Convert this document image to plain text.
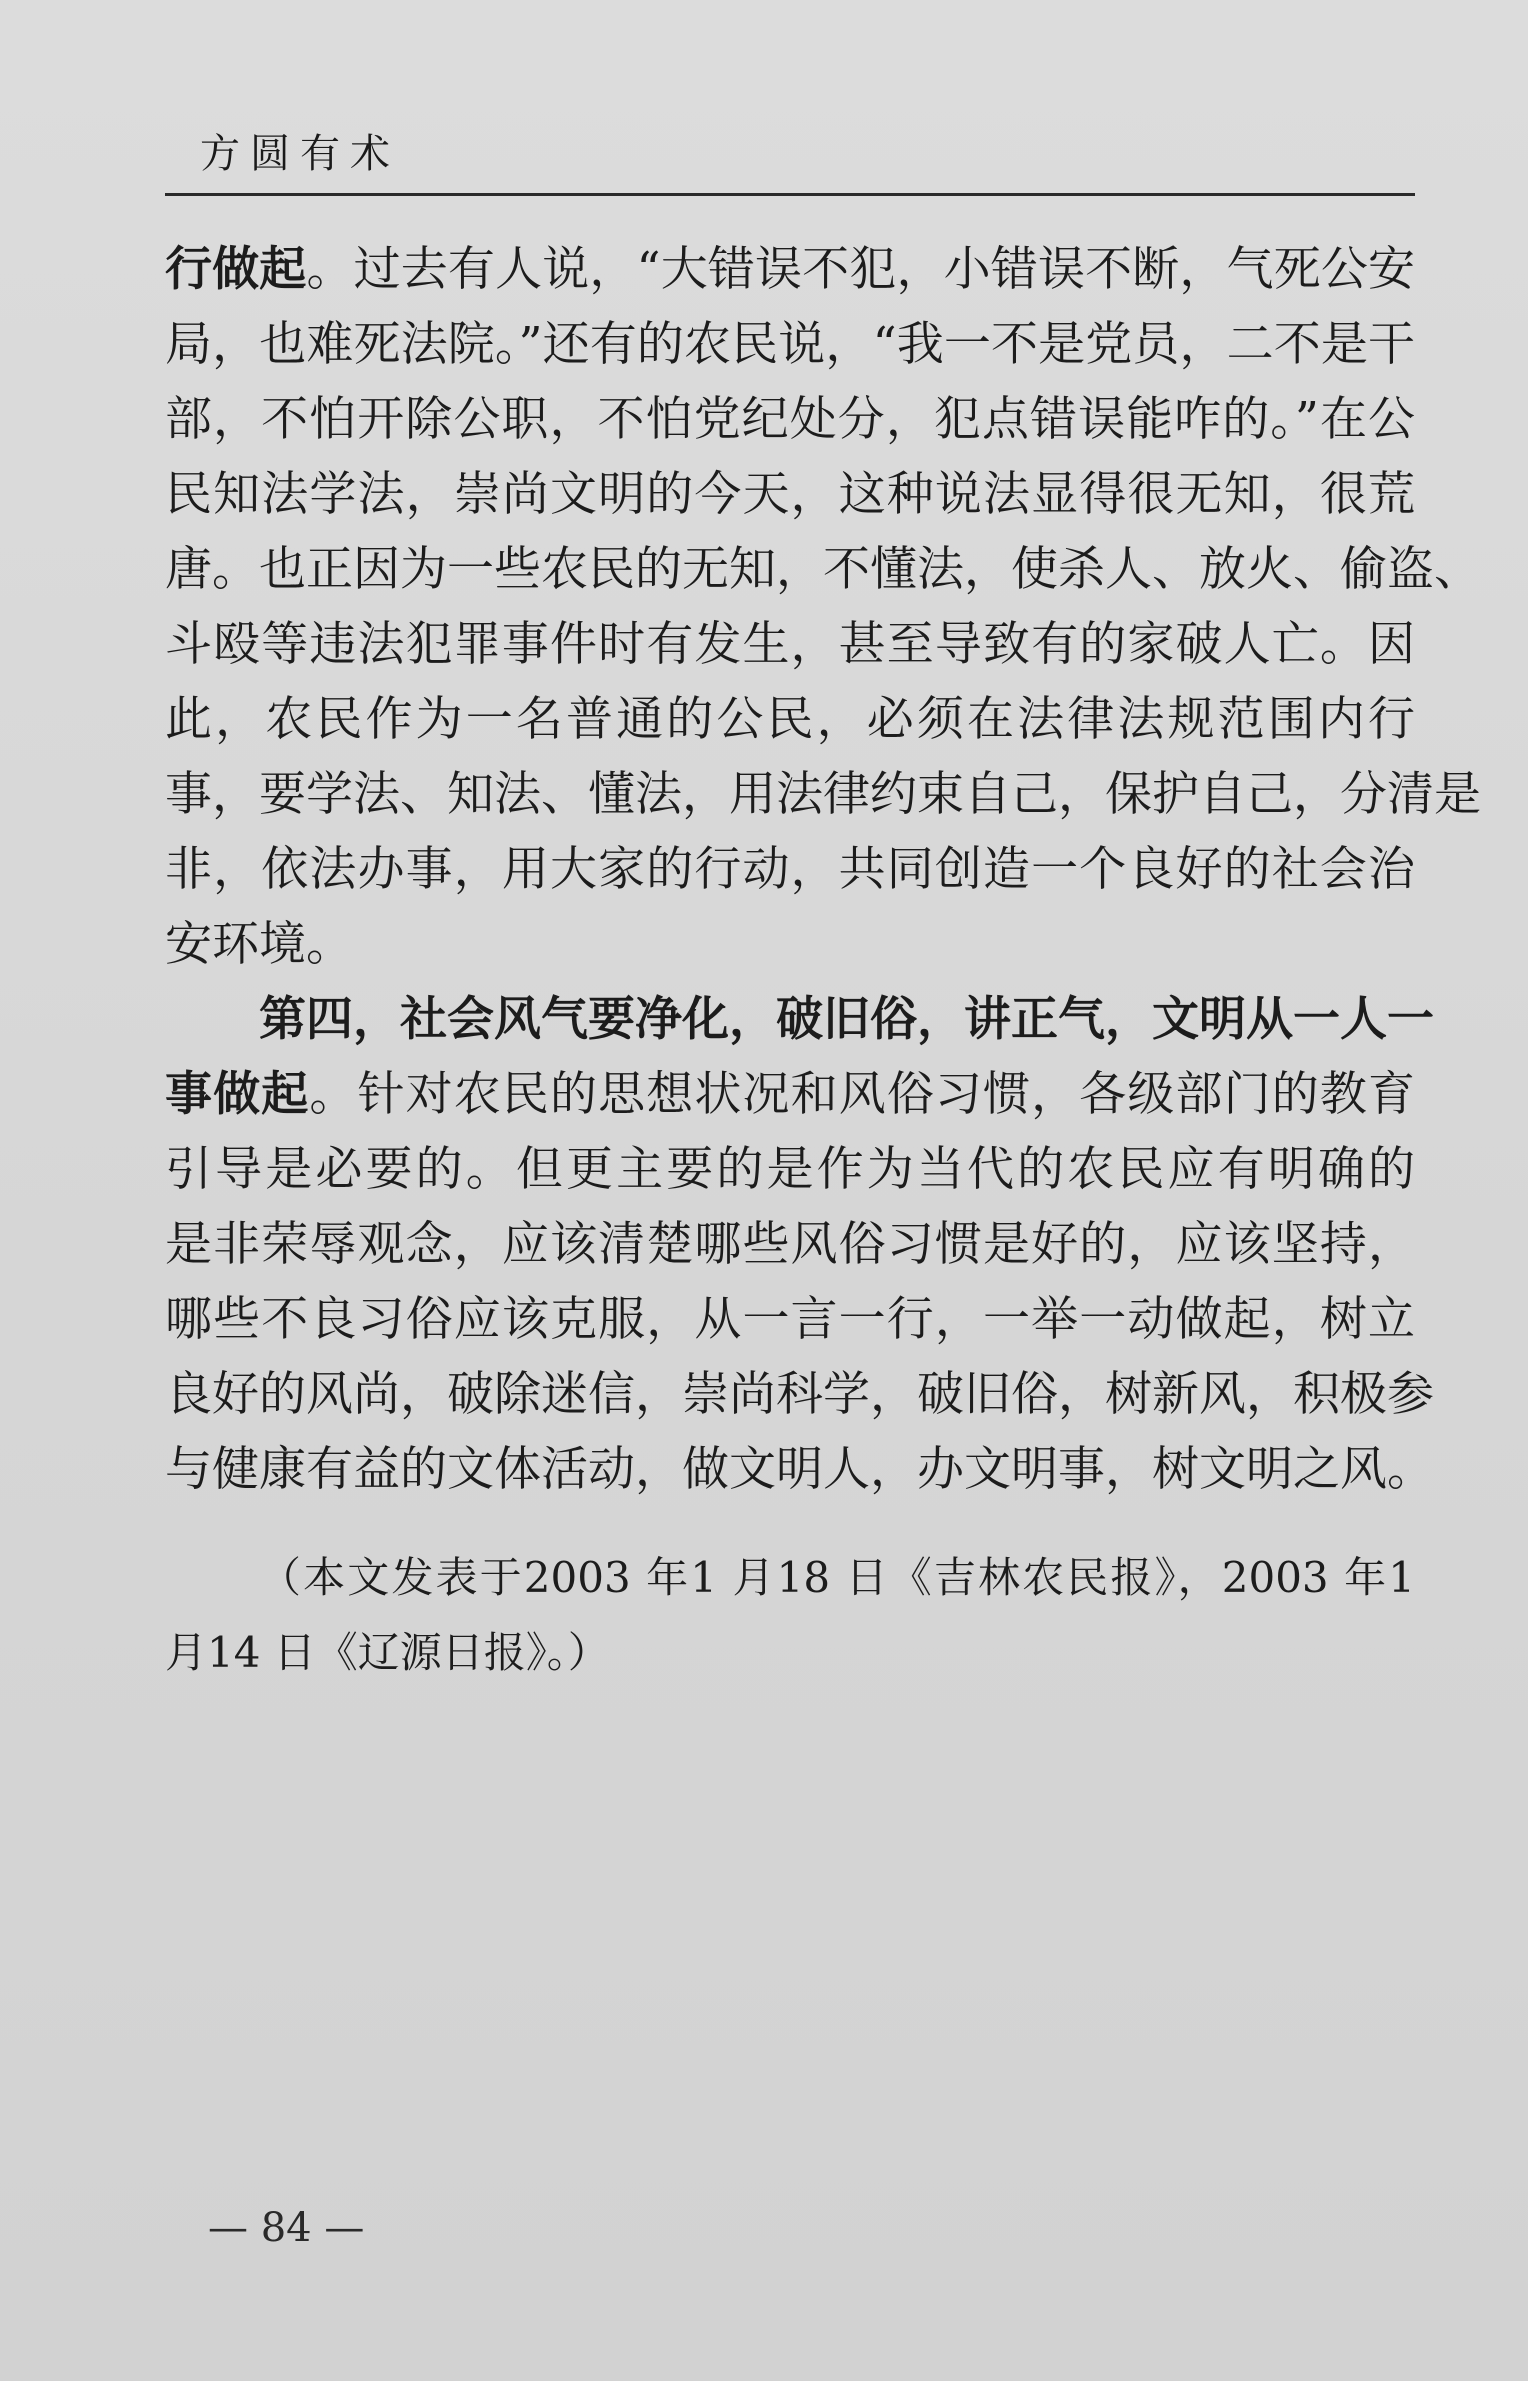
方圆有术
行做起。过去有人说，“大错误不犯，小错误不断，气死公安
局，也难死法院。”还有的农民说，“我一不是党员，二不是干
部，不怕开除公职，不怕党纪处分，犯点错误能咋的。”在公
民知法学法，崇尚文明的今天，这种说法显得很无知，很荒
唐。也正因为一些农民的无知，不懂法，使杀人、放火、偷盗、
斗殴等违法犯罪事件时有发生，甚至导致有的家破人亡。因
此，农民作为一名普通的公民，必须在法律法规范围内行
事，要学法、知法、懂法，用法律约束自己，保护自己，分清是
非，依法办事，用大家的行动，共同创造一个良好的社会治
安环境。
第四，社会风气要净化，破旧俗，讲正气，文明从一人一
事做起。针对农民的思想状况和风俗习惯，各级部门的教育
引导是必要的。但更主要的是作为当代的农民应有明确的
是非荣辱观念，应该清楚哪些风俗习惯是好的，应该坚持，
哪些不良习俗应该克服，从一言一行，一举一动做起，树立
良好的风尚，破除迷信，崇尚科学，破旧俗，树新风，积极参
与健康有益的文体活动，做文明人，办文明事，树文明之风。
（本文发表于2003 年1 月18 日《吉林农民报》，2003 年1
月14 日《辽源日报》。）
— 84 —
